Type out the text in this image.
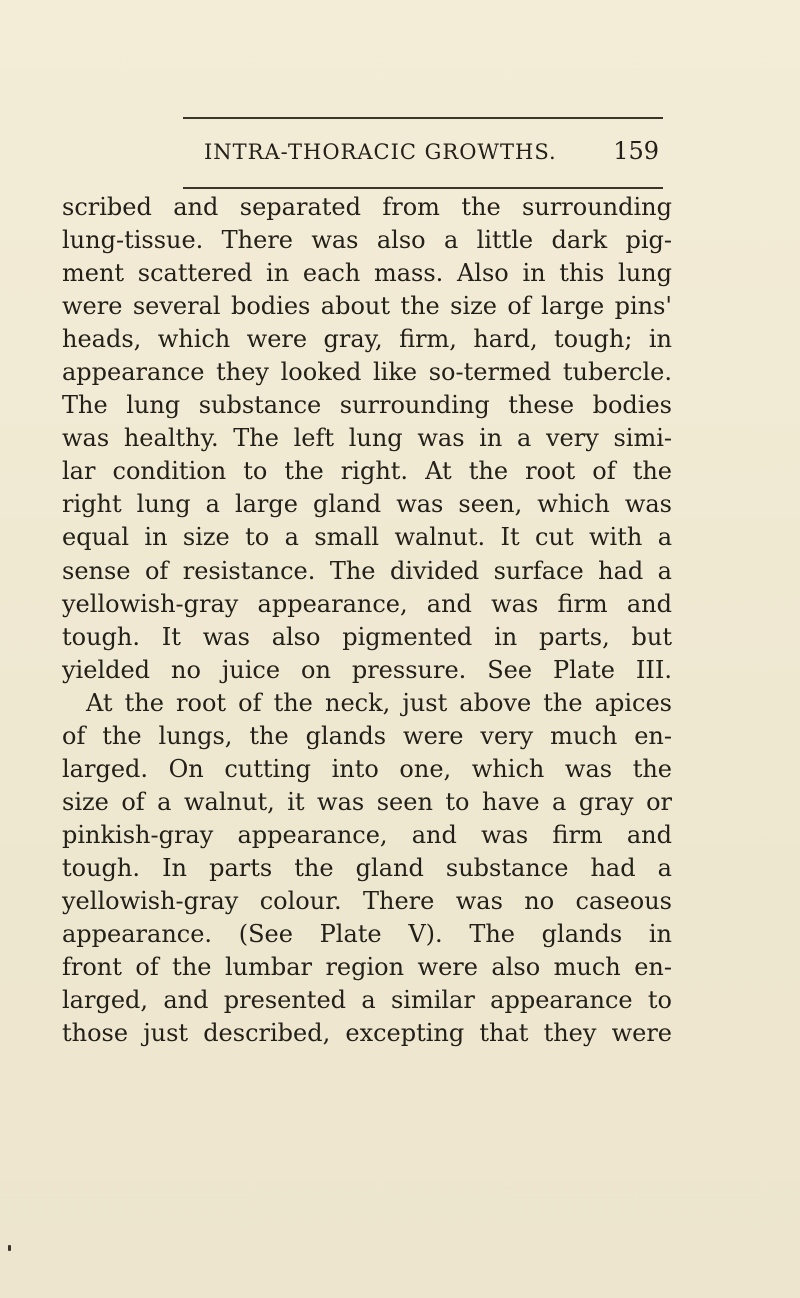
INTRA-THORACIC GROWTHS. 159
scribed and separated from the surrounding
lung-tissue. There was also a little dark pig-
ment scattered in each mass. Also in this lung
were several bodies about the size of large pins'
heads, which were gray, firm, hard, tough; in
appearance they looked like so-termed tubercle.
The lung substance surrounding these bodies
was healthy. The left lung was in a very simi-
lar condition to the right. At the root of the
right lung a large gland was seen, which was
equal in size to a small walnut. It cut with a
sense of resistance. The divided surface had a
yellowish-gray appearance, and was firm and
tough. It was also pigmented in parts, but
yielded no juice on pressure. See Plate III.
At the root of the neck, just above the apices
of the lungs, the glands were very much en-
larged. On cutting into one, which was the
size of a walnut, it was seen to have a gray or
pinkish-gray appearance, and was firm and
tough. In parts the gland substance had a
yellowish-gray colour. There was no caseous
appearance. (See Plate V). The glands in
front of the lumbar region were also much en-
larged, and presented a similar appearance to
those just described, excepting that they were
